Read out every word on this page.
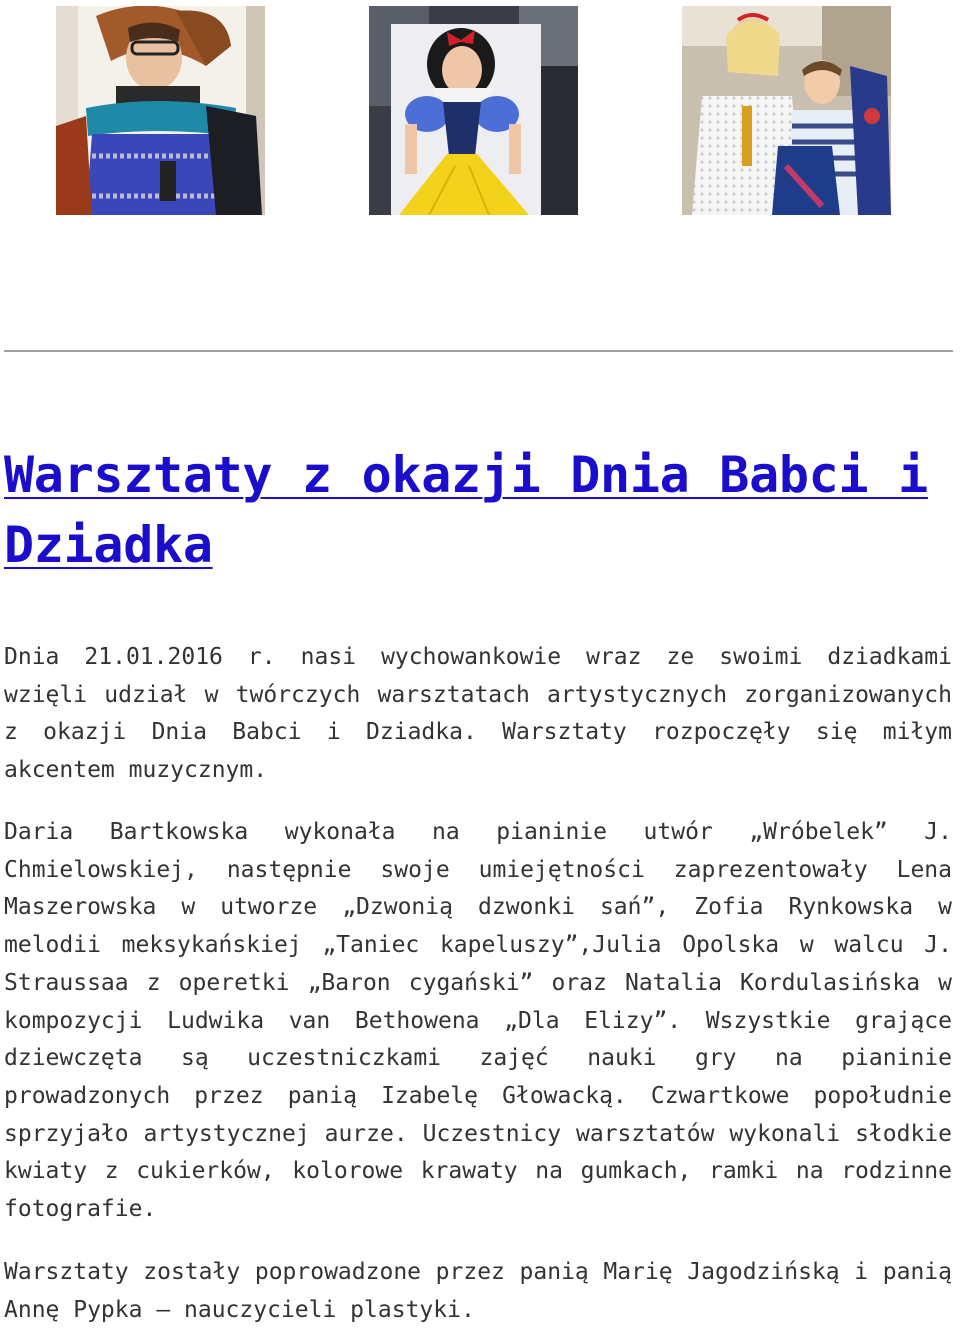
Warsztaty z okazji Dnia Babci i Dziadka

Dnia 21.01.2016 r. nasi wychowankowie wraz ze swoimi dziadkami wzięli udział w twórczych warsztatach artystycznych zorganizowanych z okazji Dnia Babci i Dziadka. Warsztaty rozpoczęły się miłym akcentem muzycznym.

Daria Bartkowska wykonała na pianinie utwór „Wróbelek” J. Chmielowskiej, następnie swoje umiejętności zaprezentowały Lena Maszerowska w utworze „Dzwonią dzwonki sań”, Zofia Rynkowska w melodii meksykańskiej „Taniec kapeluszy”,Julia Opolska w walcu J. Straussaa z operetki „Baron cygański” oraz Natalia Kordulasińska w kompozycji Ludwika van Bethowena „Dla Elizy”. Wszystkie grające dziewczęta są uczestniczkami zajęć nauki gry na pianinie prowadzonych przez panią Izabelę Głowacką. Czwartkowe popołudnie sprzyjało artystycznej aurze. Uczestnicy warsztatów wykonali słodkie kwiaty z cukierków, kolorowe krawaty na gumkach, ramki na rodzinne fotografie.

Warsztaty zostały poprowadzone przez panią Marię Jagodzińską i panią Annę Pypka – nauczycieli plastyki.
